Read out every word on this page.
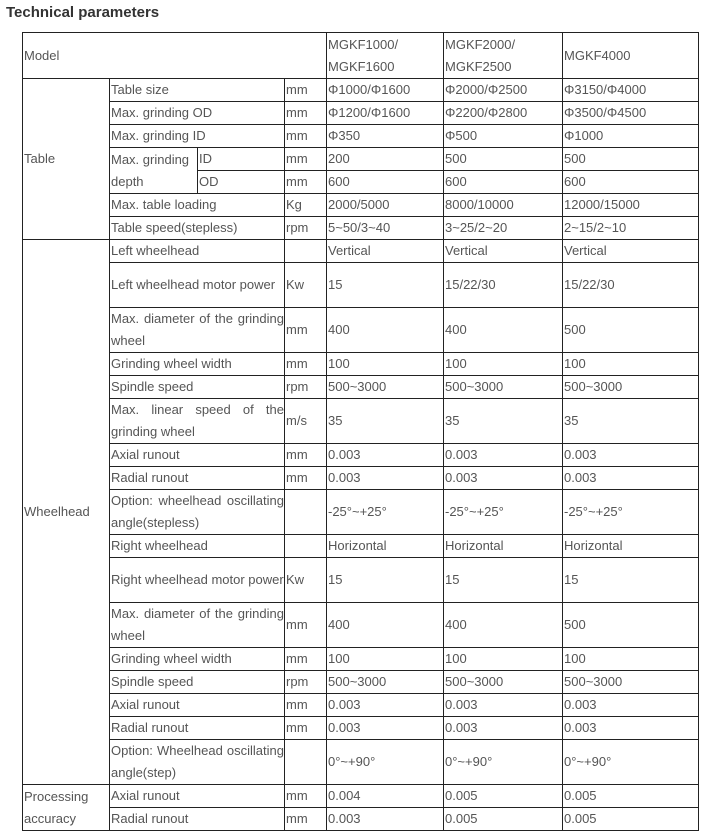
Technical parameters
Model				MGKF1000/ MGKF1600	MGKF2000/ MGKF2500	MGKF4000
Table	Table size		mm	Φ1000/Φ1600	Φ2000/Φ2500	Φ3150/Φ4000
	Max. grinding OD		mm	Φ1200/Φ1600	Φ2200/Φ2800	Φ3500/Φ4500
	Max. grinding ID		mm	Φ350	Φ500	Φ1000
	Max. grinding depth	ID	mm	200	500	500
		OD	mm	600	600	600
	Max. table loading		Kg	2000/5000	8000/10000	12000/15000
	Table speed(stepless)		rpm	5~50/3~40	3~25/2~20	2~15/2~10
Wheelhead	Left wheelhead			Vertical	Vertical	Vertical
	Left wheelhead motor power		Kw	15	15/22/30	15/22/30
	Max. diameter of the grinding wheel		mm	400	400	500
	Grinding wheel width		mm	100	100	100
	Spindle speed		rpm	500~3000	500~3000	500~3000
	Max. linear speed of the grinding wheel		m/s	35	35	35
	Axial runout		mm	0.003	0.003	0.003
	Radial runout		mm	0.003	0.003	0.003
	Option: wheelhead oscillating angle(stepless)			-25°~+25°	-25°~+25°	-25°~+25°
	Right wheelhead			Horizontal	Horizontal	Horizontal
	Right wheelhead motor power		Kw	15	15	15
	Max. diameter of the grinding wheel		mm	400	400	500
	Grinding wheel width		mm	100	100	100
	Spindle speed		rpm	500~3000	500~3000	500~3000
	Axial runout		mm	0.003	0.003	0.003
	Radial runout		mm	0.003	0.003	0.003
	Option: Wheelhead oscillating angle(step)			0°~+90°	0°~+90°	0°~+90°
Processing accuracy	Axial runout		mm	0.004	0.005	0.005
	Radial runout		mm	0.003	0.005	0.005
